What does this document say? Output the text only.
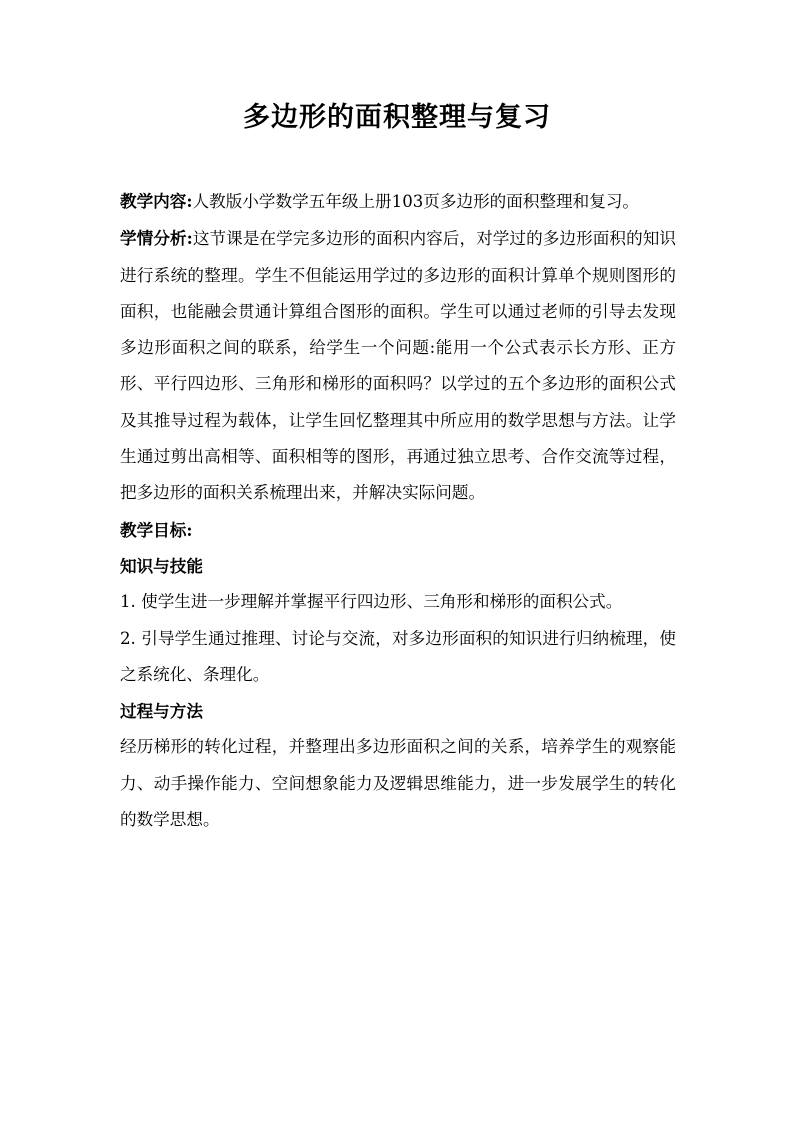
多边形的面积整理与复习

教学内容:人教版小学数学五年级上册103页多边形的面积整理和复习。

学情分析:这节课是在学完多边形的面积内容后，对学过的多边形面积的知识进行系统的整理。学生不但能运用学过的多边形的面积计算单个规则图形的面积，也能融会贯通计算组合图形的面积。学生可以通过老师的引导去发现多边形面积之间的联系，给学生一个问题:能用一个公式表示长方形、正方形、平行四边形、三角形和梯形的面积吗？以学过的五个多边形的面积公式及其推导过程为载体，让学生回忆整理其中所应用的数学思想与方法。让学生通过剪出高相等、面积相等的图形，再通过独立思考、合作交流等过程，把多边形的面积关系梳理出来，并解决实际问题。

教学目标:

知识与技能

1. 使学生进一步理解并掌握平行四边形、三角形和梯形的面积公式。

2. 引导学生通过推理、讨论与交流，对多边形面积的知识进行归纳梳理，使之系统化、条理化。

过程与方法

经历梯形的转化过程，并整理出多边形面积之间的关系，培养学生的观察能力、动手操作能力、空间想象能力及逻辑思维能力，进一步发展学生的转化的数学思想。
